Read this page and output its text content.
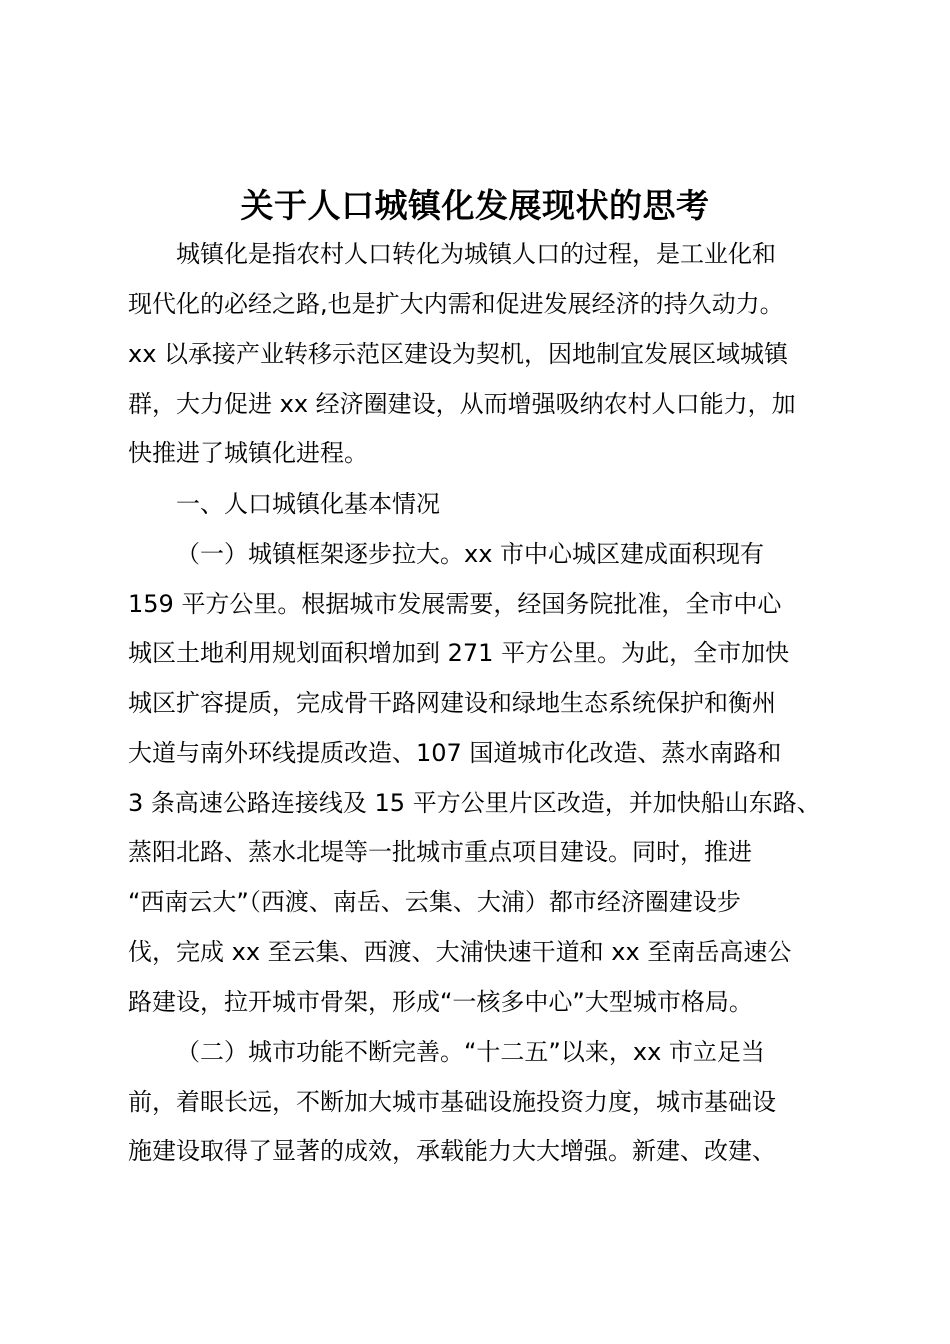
关于人口城镇化发展现状的思考

城镇化是指农村人口转化为城镇人口的过程，是工业化和

现代化的必经之路,也是扩大内需和促进发展经济的持久动力。

xx 以承接产业转移示范区建设为契机，因地制宜发展区域城镇

群，大力促进 xx 经济圈建设，从而增强吸纳农村人口能力，加

快推进了城镇化进程。

一、人口城镇化基本情况

（一）城镇框架逐步拉大。xx 市中心城区建成面积现有

159 平方公里。根据城市发展需要，经国务院批准，全市中心

城区土地利用规划面积增加到 271 平方公里。为此，全市加快

城区扩容提质，完成骨干路网建设和绿地生态系统保护和衡州

大道与南外环线提质改造、107 国道城市化改造、蒸水南路和

3 条高速公路连接线及 15 平方公里片区改造，并加快船山东路、

蒸阳北路、蒸水北堤等一批城市重点项目建设。同时，推进

“西南云大”（西渡、南岳、云集、大浦）都市经济圈建设步

伐，完成 xx 至云集、西渡、大浦快速干道和 xx 至南岳高速公

路建设，拉开城市骨架，形成“一核多中心”大型城市格局。

（二）城市功能不断完善。“十二五”以来，xx 市立足当

前，着眼长远，不断加大城市基础设施投资力度，城市基础设

施建设取得了显著的成效，承载能力大大增强。新建、改建、
